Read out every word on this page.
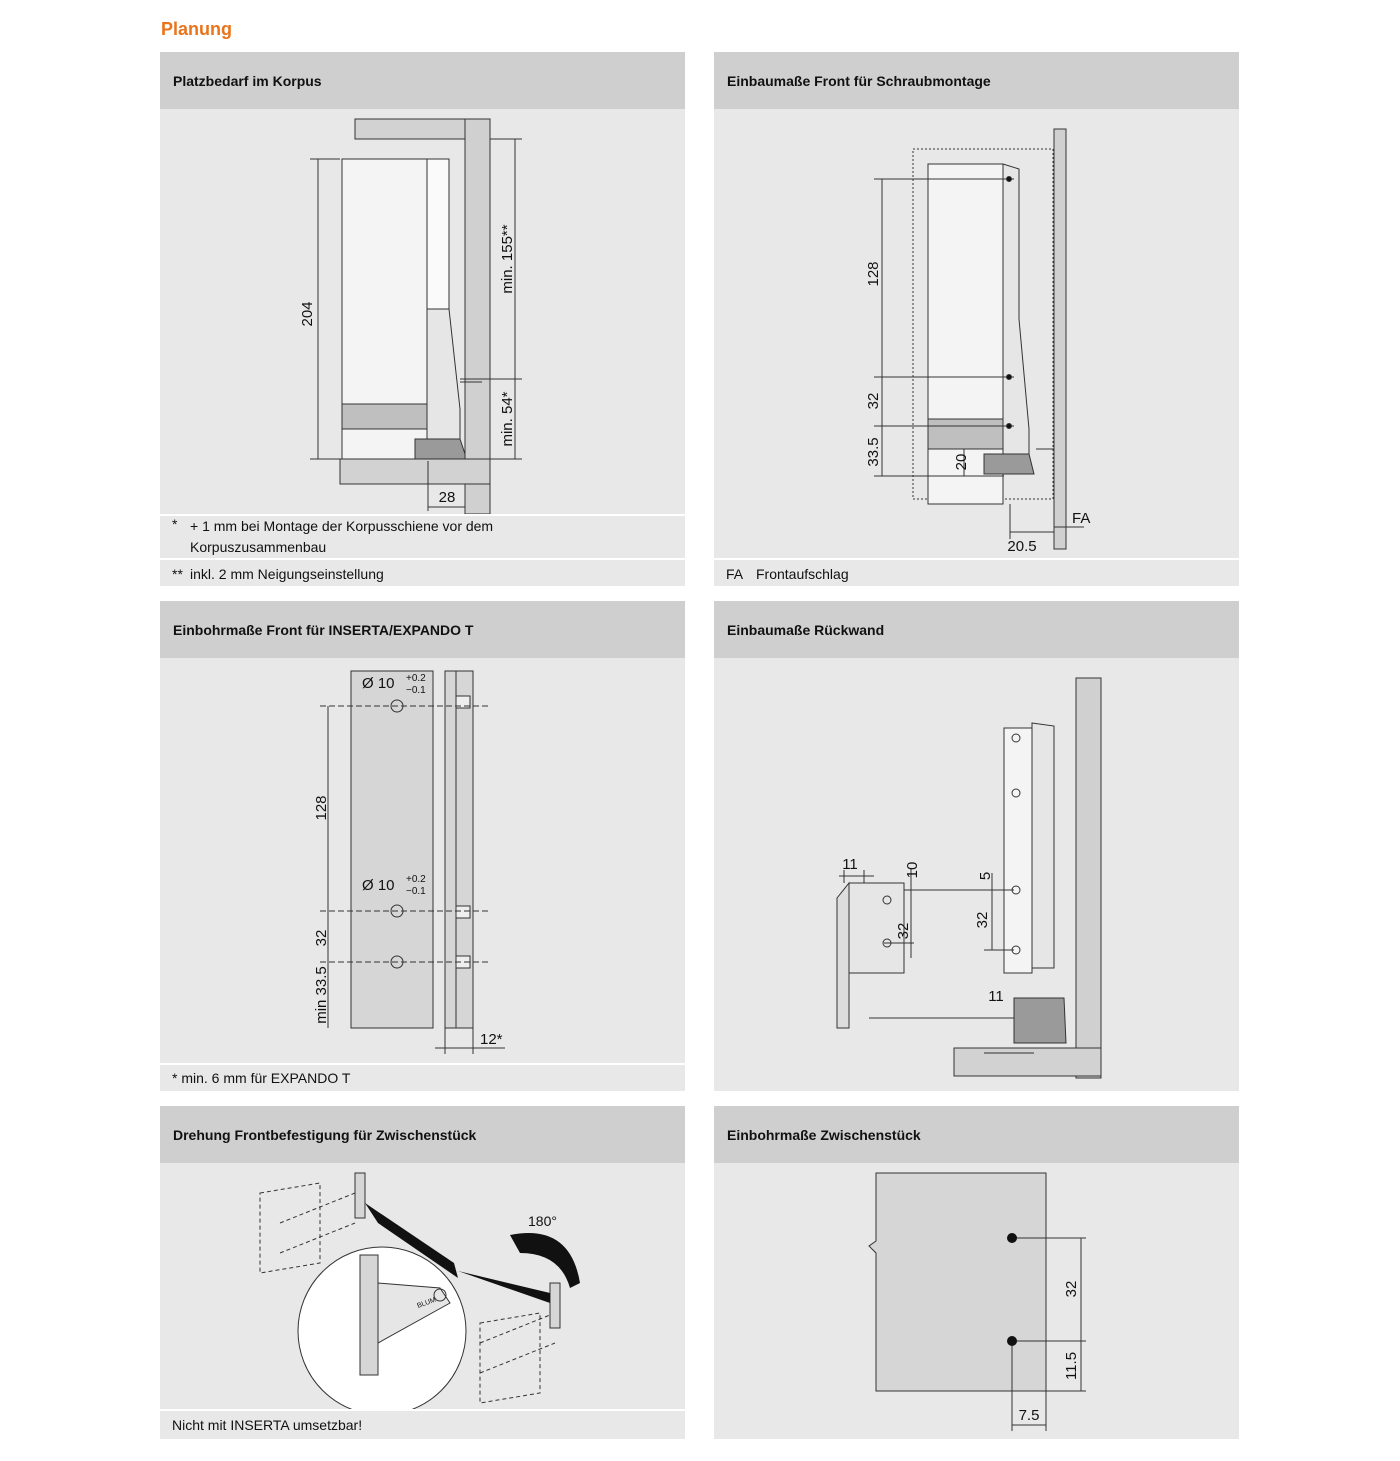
Planung
Platzbedarf im Korpus
204
min. 155**
min. 54*
28
* + 1 mm bei Montage der Korpusschiene vor dem Korpuszusammenbau
** inkl. 2 mm Neigungseinstellung
Einbaumaße Front für Schraubmontage
128
32
33.5	20
20.5
FA
FA Frontaufschlag
Einbohrmaße Front für INSERTA/EXPANDO T
Ø 10 +0.2
−0.1
Ø 10 +0.2
−0.1
128
32
min 33.5
12*
* min. 6 mm für EXPANDO T
Einbaumaße Rückwand
11	10
32
5
32
11
Drehung Frontbefestigung für Zwischenstück
180°
BLUM
Nicht mit INSERTA umsetzbar!
Einbohrmaße Zwischenstück
32
11.5
7.5
